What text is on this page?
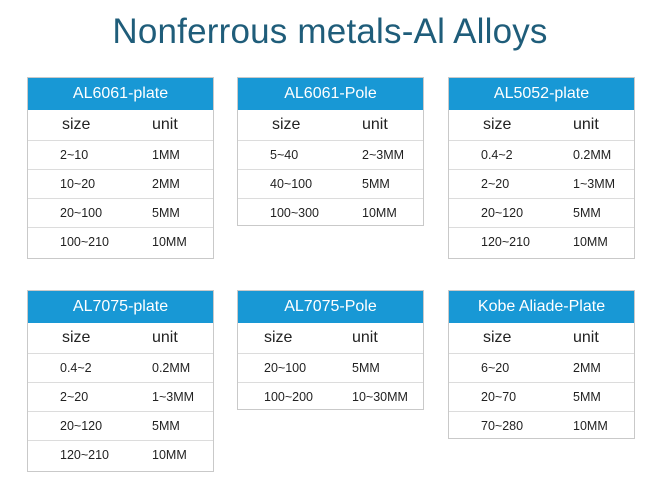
Nonferrous metals-Al Alloys
AL6061-plate
size	unit
2~10	1MM
10~20	2MM
20~100	5MM
100~210	10MM
AL6061-Pole
size	unit
5~40	2~3MM
40~100	5MM
100~300	10MM
AL5052-plate
size	unit
0.4~2	0.2MM
2~20	1~3MM
20~120	5MM
120~210	10MM
AL7075-plate
size	unit
0.4~2	0.2MM
2~20	1~3MM
20~120	5MM
120~210	10MM
AL7075-Pole
size	unit
20~100	5MM
100~200	10~30MM
Kobe Aliade-Plate
size	unit
6~20	2MM
20~70	5MM
70~280	10MM
